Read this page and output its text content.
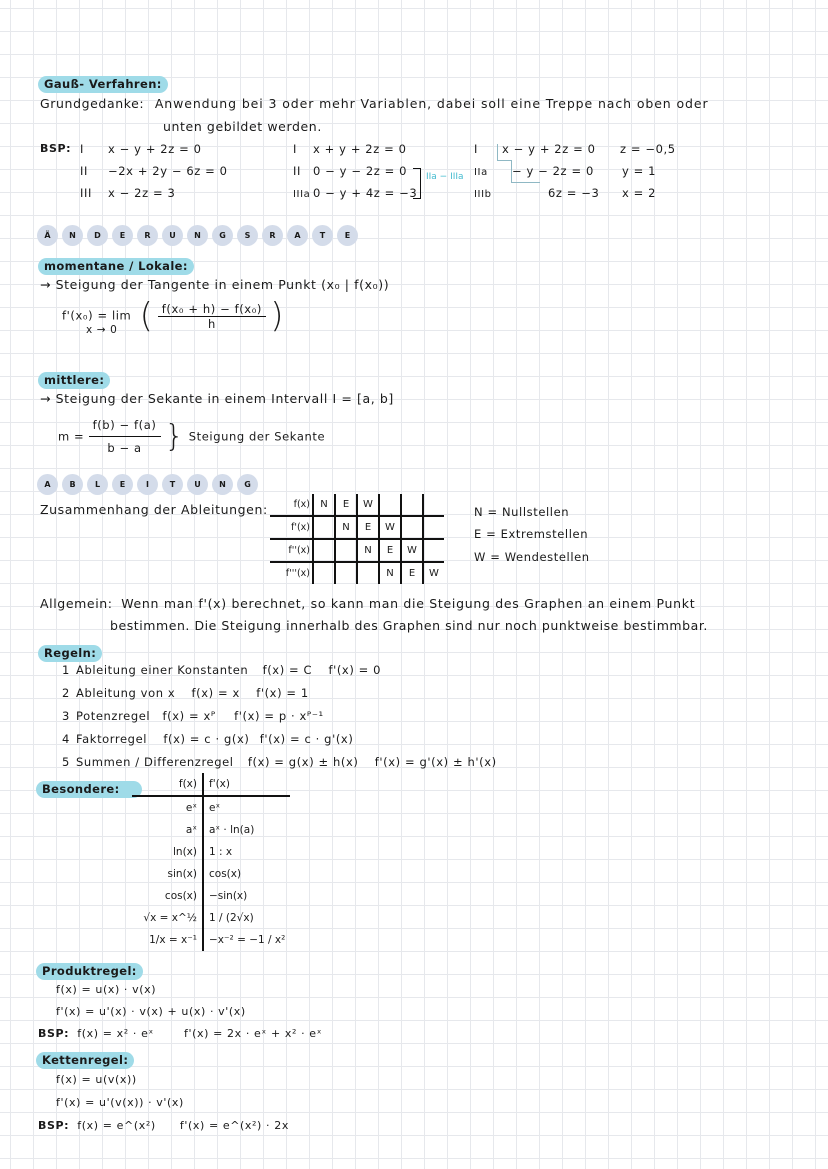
Gauß- Verfahren:
Grundgedanke: Anwendung bei 3 oder mehr Variablen, dabei soll eine Treppe nach oben oder
unten gebildet werden.
BSP: I x − y + 2z = 0
II −2x + 2y − 6z = 0
III x − 2z = 3
I x + y + 2z = 0
II 0 − y − 2z = 0
IIIa 0 − y + 4z = −3
IIa − IIIa
I x − y + 2z = 0
IIa − y − 2z = 0
IIIb	6z = −3
z = −0,5
y = 1
x = 2
Ä	N	D	E	R	U	N	G	S	R	A	T	E
momentane / Lokale:
→ Steigung der Tangente in einem Punkt (x₀ | f(x₀))
f'(x₀) = lim ( $\frac{\text{f(x₀ + h) − f(x₀)}}{h}$ )
x → 0
mittlere:
→ Steigung der Sekante in einem Intervall I = [a, b]
$m = \frac{f(b) - f(a)}{b - a}$ } Steigung der Sekante
A	B	L	E	I	T	U	N	G
Zusammenhang der Ableitungen:	f(x)	N	E	W			
f'(x)		N	E	W		
f''(x)			N	E	W	
f'''(x)				N	E	W
N = Nullstellen
E = Extremstellen
W = Wendestellen
Allgemein: Wenn man f'(x) berechnet, so kann man die Steigung des Graphen an einem Punkt
bestimmen. Die Steigung innerhalb des Graphen sind nur noch punktweise bestimmbar.
Regeln:
1 Ableitung einer Konstanten f(x) = C f'(x) = 0
2 Ableitung von x f(x) = x f'(x) = 1
3 Potenzregel f(x) = xᴾ f'(x) = p · xᴾ⁻¹
4 Faktorregel f(x) = c · g(x) f'(x) = c · g'(x)
5 Summen / Differenzregel f(x) = g(x) ± h(x) f'(x) = g'(x) ± h'(x)
Besondere:	f(x)	f'(x)
eˣ	eˣ
aˣ	aˣ · ln(a)
ln(x)	1 : x
sin(x)	cos(x)
cos(x)	−sin(x)
√x = x^½	1 / (2√x)
1/x = x⁻¹	−x⁻² = −1 / x²
Produktregel:
f(x) = u(x) · v(x)
f'(x) = u'(x) · v(x) + u(x) · v'(x)
BSP: f(x) = x² · eˣ	f'(x) = 2x · eˣ + x² · eˣ
Kettenregel:
f(x) = u(v(x))
f'(x) = u'(v(x)) · v'(x)
BSP: f(x) = e^(x²) f'(x) = e^(x²) · 2x
